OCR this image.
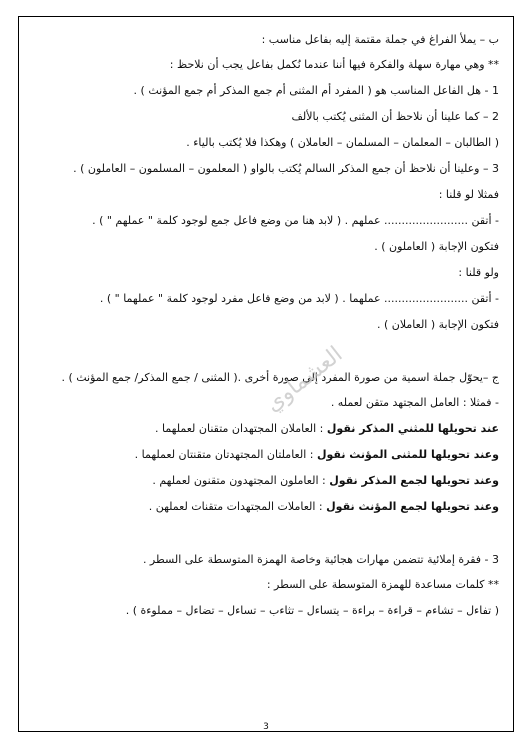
ب – يملأ الفراغ في جملة مقتمة إليه بفاعل مناسب :
** وهي مهارة سهلة والفكرة فيها أننا عندما نُكمل بفاعل يجب أن نلاحظ :
1 - هل الفاعل المناسب هو ( المفرد أم المثنى أم جمع المذكر أم جمع المؤنث ) .
2 – كما علينا أن نلاحظ أن المثنى يُكتب بالألف
( الطالبان – المعلمان – المسلمان – العاملان ) وهكذا فلا يُكتب بالياء .
3 – وعلينا أن نلاحظ أن جمع المذكر السالم يُكتب بالواو ( المعلمون – المسلمون – العاملون ) .
فمثلا لو قلنا :
- أتقن ........................ عملهم . ( لابد هنا من وضع فاعل جمع لوجود كلمة " عملهم " ) .
فتكون الإجابة ( العاملون ) .
ولو قلنا :
- أتقن ........................ عملهما . ( لابد من وضع فاعل مفرد لوجود كلمة " عملهما " ) .
فتكون الإجابة ( العاملان ) .
ج –يحوّل جملة اسمية من صورة المفرد إلى صورة أخرى .( المثنى / جمع المذكر/ جمع المؤنث ) .
- فمثلا : العامل المجتهد متقن لعمله .
عند تحويلها للمثني المذكر نقول : العاملان المجتهدان متقنان لعملهما .
وعند تحويلها للمثنى المؤنث نقول : العاملتان المجتهدتان متقنتان لعملهما .
وعند تحويلها لجمع المذكر نقول : العاملون المجتهدون متقنون لعملهم .
وعند تحويلها لجمع المؤنث نقول : العاملات المجتهدات متقنات لعملهن .
3 - فقرة إملائية تتضمن مهارات هجائية وخاصة الهمزة المتوسطة على السطر .
** كلمات مساعدة للهمزة المتوسطة على السطر :
( تفاءل – تشاءم – قراءة – براءة – يتساءل – تثاءب – تساءل – تضاءل – مملوءة ) .
العشماوي
3
